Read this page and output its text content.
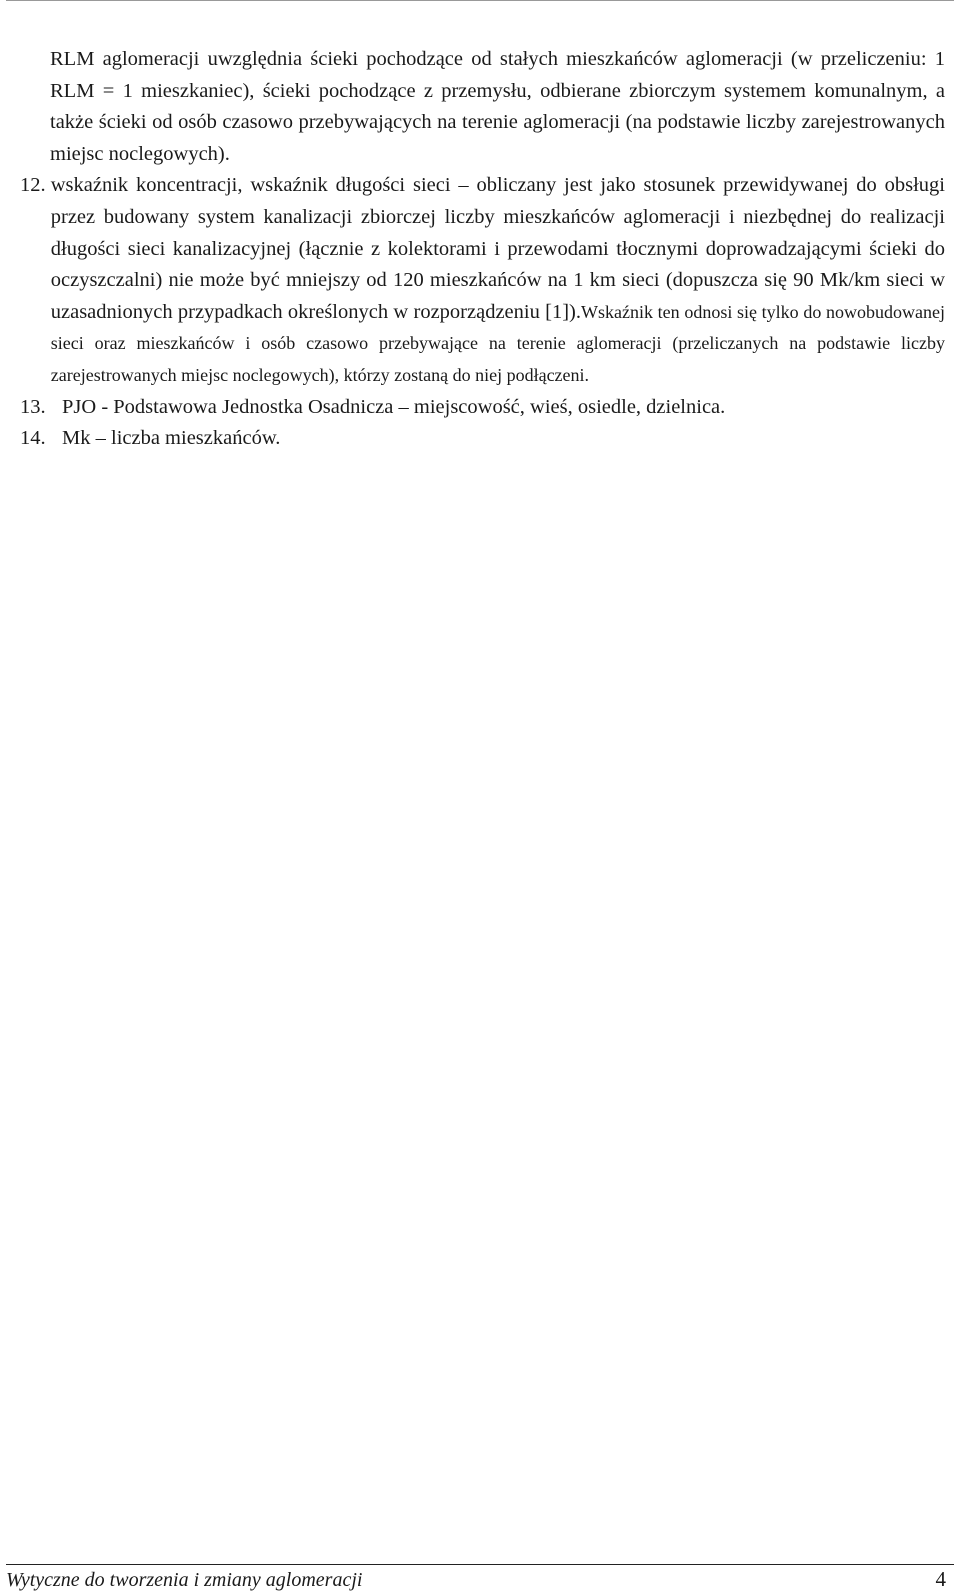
RLM aglomeracji uwzględnia ścieki pochodzące od stałych mieszkańców aglomeracji (w przeliczeniu: 1 RLM = 1 mieszkaniec), ścieki pochodzące z przemysłu, odbierane zbiorczym systemem komunalnym, a także ścieki od osób czasowo przebywających na terenie aglomeracji (na podstawie liczby zarejestrowanych miejsc noclegowych).

12. wskaźnik koncentracji, wskaźnik długości sieci – obliczany jest jako stosunek przewidywanej do obsługi przez budowany system kanalizacji zbiorczej liczby mieszkańców aglomeracji i niezbędnej do realizacji długości sieci kanalizacyjnej (łącznie z kolektorami i przewodami tłocznymi doprowadzającymi ścieki do oczyszczalni) nie może być mniejszy od 120 mieszkańców na 1 km sieci (dopuszcza się 90 Mk/km sieci w uzasadnionych przypadkach określonych w rozporządzeniu [1]).Wskaźnik ten odnosi się tylko do nowobudowanej sieci oraz mieszkańców i osób czasowo przebywające na terenie aglomeracji (przeliczanych na podstawie liczby zarejestrowanych miejsc noclegowych), którzy zostaną do niej podłączeni.
13. PJO - Podstawowa Jednostka Osadnicza – miejscowość, wieś, osiedle, dzielnica.
14. Mk – liczba mieszkańców.
Wytyczne do tworzenia i zmiany aglomeracji	4
